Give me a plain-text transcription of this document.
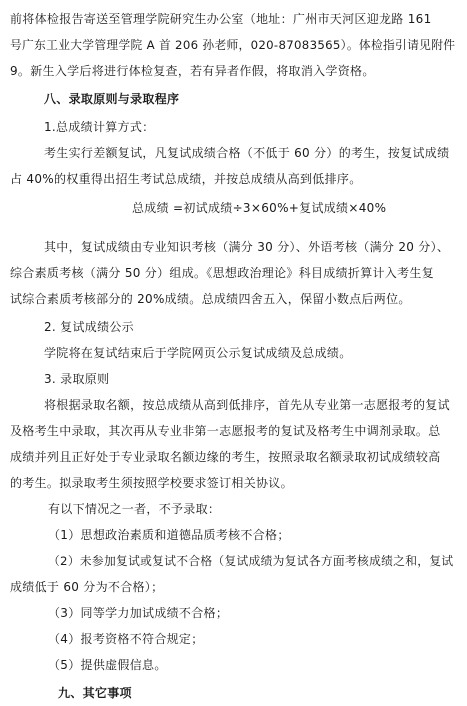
前将体检报告寄送至管理学院研究生办公室（地址：广州市天河区迎龙路 161
号广东工业大学管理学院 A 首 206 孙老师，020-87083565）。体检指引请见附件
9。新生入学后将进行体检复查，若有异者作假，将取消入学资格。
八、录取原则与录取程序
1.总成绩计算方式：
考生实行差额复试，凡复试成绩合格（不低于 60 分）的考生，按复试成绩
占 40%的权重得出招生考试总成绩，并按总成绩从高到低排序。
总成绩 =初试成绩÷3×60%+复试成绩×40%
其中，复试成绩由专业知识考核（满分 30 分）、外语考核（满分 20 分）、
综合素质考核（满分 50 分）组成。《思想政治理论》科目成绩折算计入考生复
试综合素质考核部分的 20%成绩。总成绩四舍五入，保留小数点后两位。
2. 复试成绩公示
学院将在复试结束后于学院网页公示复试成绩及总成绩。
3. 录取原则
将根据录取名额，按总成绩从高到低排序，首先从专业第一志愿报考的复试
及格考生中录取，其次再从专业非第一志愿报考的复试及格考生中调剂录取。总
成绩并列且正好处于专业录取名额边缘的考生，按照录取名额录取初试成绩较高
的考生。拟录取考生须按照学校要求签订相关协议。
有以下情况之一者，不予录取：
（1）思想政治素质和道德品质考核不合格；
（2）未参加复试或复试不合格（复试成绩为复试各方面考核成绩之和，复试
成绩低于 60 分为不合格）；
（3）同等学力加试成绩不合格；
（4）报考资格不符合规定；
（5）提供虚假信息。
九、其它事项
